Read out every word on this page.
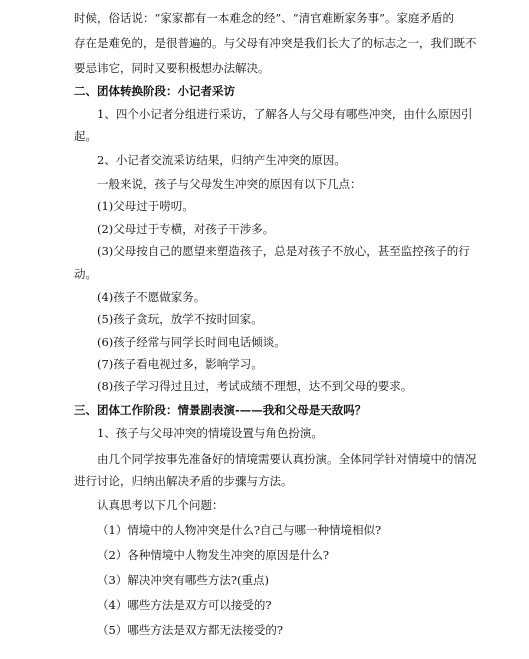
时候，俗话说：“家家都有一本难念的经”、“清官难断家务事”。家庭矛盾的
存在是难免的，是很普遍的。与父母有冲突是我们长大了的标志之一，我们既不
要忌讳它，同时又要积极想办法解决。
二、团体转换阶段：小记者采访
1、四个小记者分组进行采访，了解各人与父母有哪些冲突，由什么原因引
起。
2、小记者交流采访结果，归纳产生冲突的原因。
一般来说，孩子与父母发生冲突的原因有以下几点：
(1)父母过于唠叨。
(2)父母过于专横，对孩子干涉多。
(3)父母按自己的愿望来塑造孩子，总是对孩子不放心，甚至监控孩子的行
动。
(4)孩子不愿做家务。
(5)孩子贪玩，放学不按时回家。
(6)孩子经常与同学长时间电话倾谈。
(7)孩子看电视过多，影响学习。
(8)孩子学习得过且过，考试成绩不理想，达不到父母的要求。
三、团体工作阶段：情景剧表演-——我和父母是天敌吗？
1、孩子与父母冲突的情境设置与角色扮演。
由几个同学按事先准备好的情境需要认真扮演。全体同学针对情境中的情况
进行讨论，归纳出解决矛盾的步骤与方法。
认真思考以下几个问题：
（1）情境中的人物冲突是什么?自己与哪一种情境相似?
（2）各种情境中人物发生冲突的原因是什么?
（3）解决冲突有哪些方法?(重点)
（4）哪些方法是双方可以接受的?
（5）哪些方法是双方都无法接受的?
